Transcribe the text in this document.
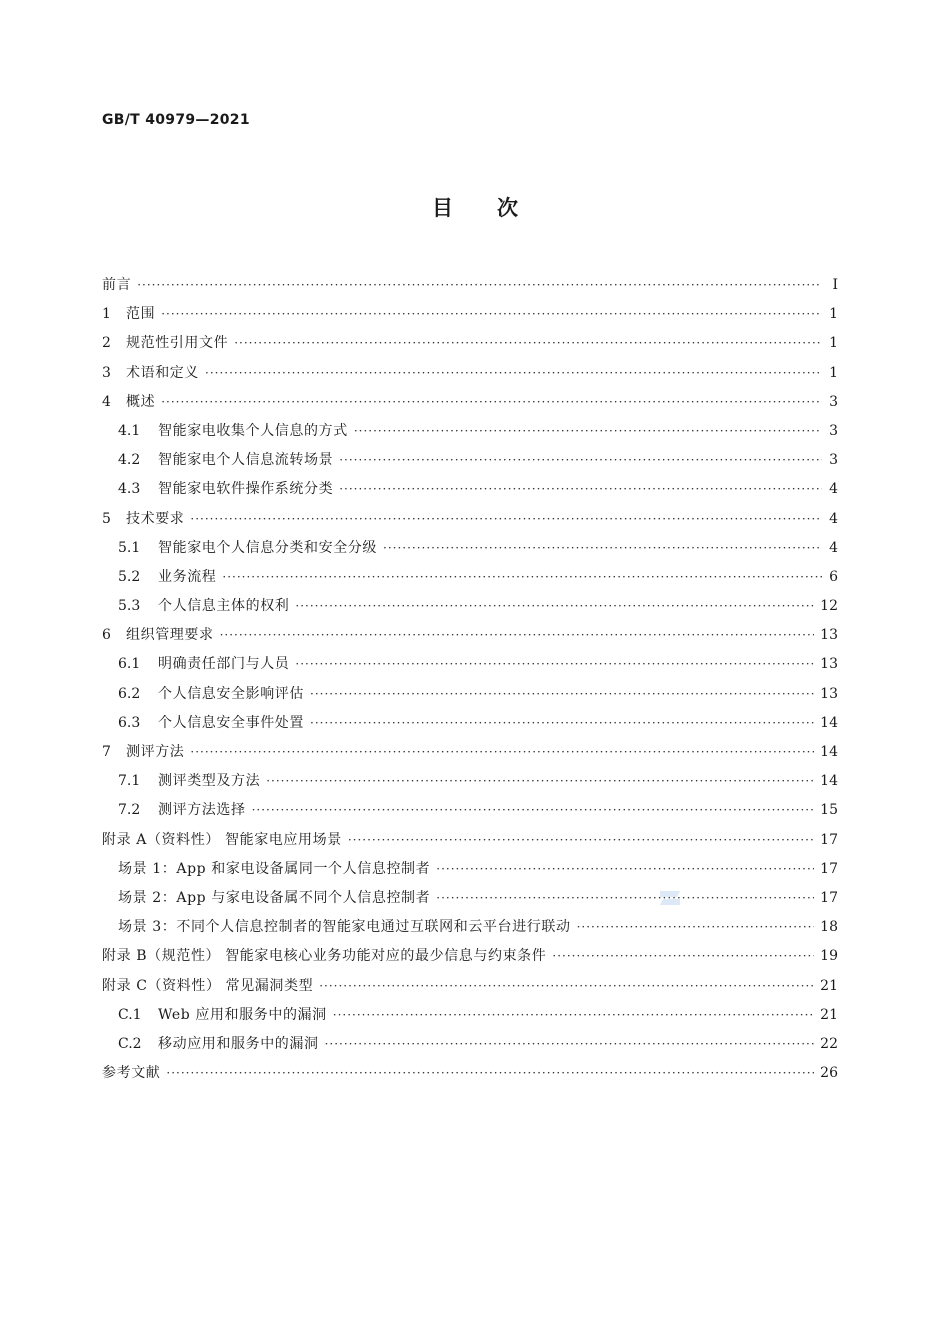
GB/T 40979—2021
目次
前言 ·····	Ⅰ
1	范围 ·····	1
2	规范性引用文件 ·····	1
3	术语和定义 ·····	1
4	概述 ·····	3
4.1	智能家电收集个人信息的方式 ·····	3
4.2	智能家电个人信息流转场景 ·····	3
4.3	智能家电软件操作系统分类 ·····	4
5	技术要求 ·····	4
5.1	智能家电个人信息分类和安全分级 ·····	4
5.2	业务流程 ·····	6
5.3	个人信息主体的权利 ·····	12
6	组织管理要求 ·····	13
6.1	明确责任部门与人员 ·····	13
6.2	个人信息安全影响评估 ·····	13
6.3	个人信息安全事件处置 ·····	14
7	测评方法 ·····	14
7.1	测评类型及方法 ·····	14
7.2	测评方法选择 ·····	15
附录 A（资料性） 智能家电应用场景 ·····	17
场景 1：App 和家电设备属同一个人信息控制者 ·····	17
场景 2：App 与家电设备属不同个人信息控制者 ·····	17
场景 3：不同个人信息控制者的智能家电通过互联网和云平台进行联动 ·····	18
附录 B（规范性） 智能家电核心业务功能对应的最少信息与约束条件 ·····	19
附录 C（资料性） 常见漏洞类型 ·····	21
C.1	Web 应用和服务中的漏洞 ·····	21
C.2	移动应用和服务中的漏洞 ·····	22
参考文献 ·····	26
